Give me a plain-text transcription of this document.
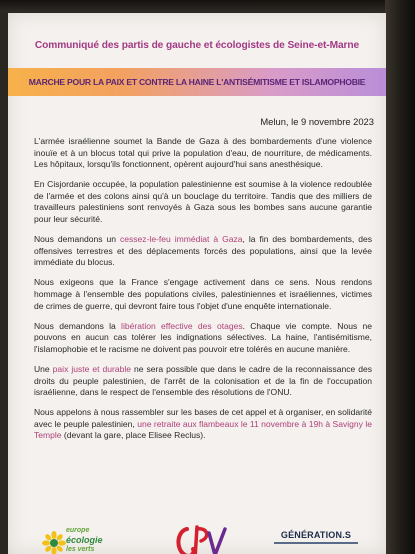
Communiqué des partis de gauche et écologistes de Seine-et-Marne
MARCHE POUR LA PAIX ET CONTRE LA HAINE L'ANTISÉMITISME ET ISLAMOPHOBIE
Melun, le 9 novembre 2023

L'armée israélienne soumet la Bande de Gaza à des bombardements d'une violence inouïe et à un blocus total qui prive la population d'eau, de nourriture, de médicaments. Les hôpitaux, lorsqu'ils fonctionnent, opèrent aujourd'hui sans anesthésique.

En Cisjordanie occupée, la population palestinienne est soumise à la violence redoublée de l'armée et des colons ainsi qu'à un bouclage du territoire. Tandis que des milliers de travailleurs palestiniens sont renvoyés à Gaza sous les bombes sans aucune garantie pour leur sécurité.

Nous demandons un cessez-le-feu immédiat à Gaza, la fin des bombardements, des offensives terrestres et des déplacements forcés des populations, ainsi que la levée immédiate du blocus.

Nous exigeons que la France s'engage activement dans ce sens. Nous rendons hommage à l'ensemble des populations civiles, palestiniennes et israéliennes, victimes de crimes de guerre, qui devront faire tous l'objet d'une enquête internationale.

Nous demandons la libération effective des otages. Chaque vie compte. Nous ne pouvons en aucun cas tolérer les indignations sélectives. La haine, l'antisémitisme, l'islamophobie et le racisme ne doivent pas pouvoir etre tolérés en aucune manière.

Une paix juste et durable ne sera possible que dans le cadre de la reconnaissance des droits du peuple palestinien, de l'arrêt de la colonisation et de la fin de l'occupation israélienne, dans le respect de l'ensemble des résolutions de l'ONU.

Nous appelons à nous rassembler sur les bases de cet appel et à organiser, en solidarité avec le peuple palestinien, une retraite aux flambeaux le 11 novembre à 19h à Savigny le Temple (devant la gare, place Elisee Reclus).

europe
écologie
les verts
GÉNÉRATION.S
